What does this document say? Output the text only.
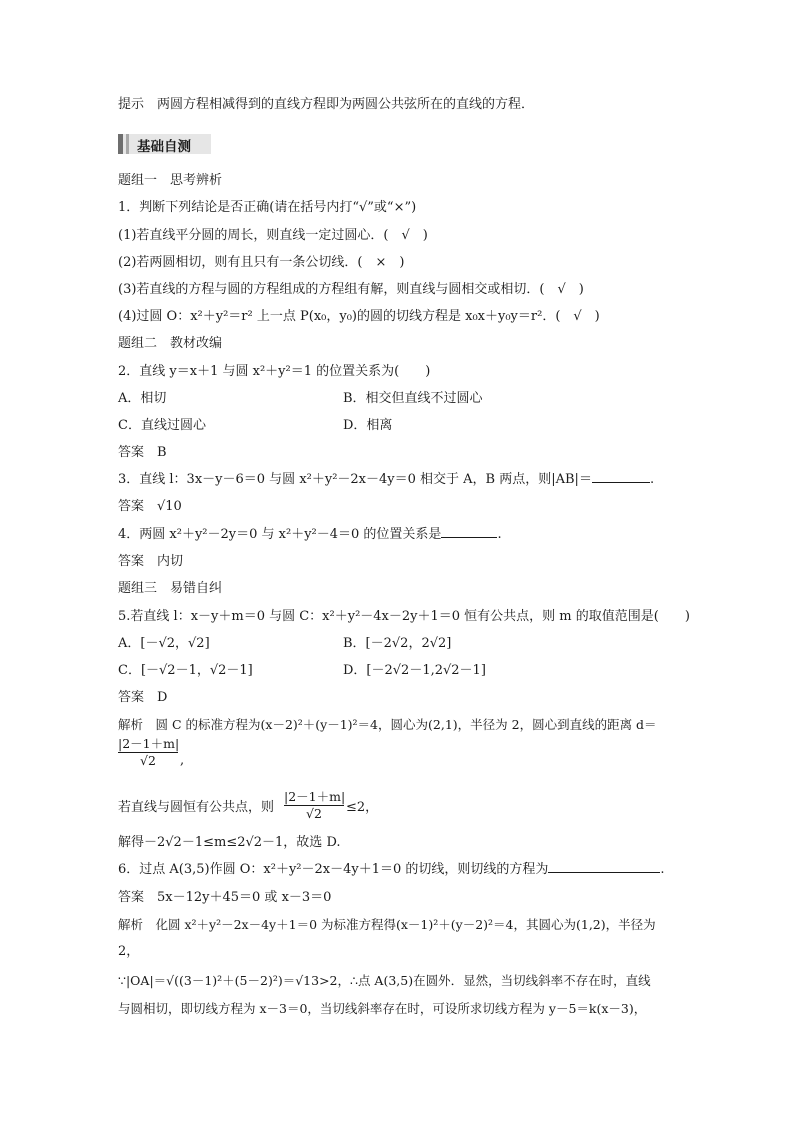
提示　两圆方程相减得到的直线方程即为两圆公共弦所在的直线的方程．
基础自测
题组一　思考辨析
1．判断下列结论是否正确(请在括号内打“√”或“×”)
(1)若直线平分圆的周长，则直线一定过圆心．(　√　)
(2)若两圆相切，则有且只有一条公切线．(　×　)
(3)若直线的方程与圆的方程组成的方程组有解，则直线与圆相交或相切．(　√　)
(4)过圆 O：x²＋y²＝r² 上一点 P(x₀，y₀)的圆的切线方程是 x₀x＋y₀y＝r²．(　√　)
题组二　教材改编
2．直线 y＝x＋1 与圆 x²＋y²＝1 的位置关系为(　　)
A．相切	B．相交但直线不过圆心
C．直线过圆心	D．相离
答案　B
3．直线 l：3x－y－6＝0 与圆 x²＋y²－2x－4y＝0 相交于 A，B 两点，则|AB|＝	.
答案　√10
4．两圆 x²＋y²－2y＝0 与 x²＋y²－4＝0 的位置关系是	.
答案　内切
题组三　易错自纠
5.若直线 l：x－y＋m＝0 与圆 C：x²＋y²－4x－2y＋1＝0 恒有公共点，则 m 的取值范围是(　　)
A．[－√2，√2]	B．[－2√2，2√2]
C．[－√2－1，√2－1]	D．[－2√2－1,2√2－1]
答案　D
解析　圆 C 的标准方程为(x－2)²＋(y－1)²＝4，圆心为(2,1)，半径为 2，圆心到直线的距离 d＝
|2－1＋m|
√2	,
若直线与圆恒有公共点，则
|2－1＋m|
√2	≤2，
解得－2√2－1≤m≤2√2－1，故选 D.
6．过点 A(3,5)作圆 O：x²＋y²－2x－4y＋1＝0 的切线，则切线的方程为	.
答案　5x－12y＋45＝0 或 x－3＝0
解析　化圆 x²＋y²－2x－4y＋1＝0 为标准方程得(x－1)²＋(y－2)²＝4，其圆心为(1,2)，半径为
2，
∵|OA|＝√((3－1)²＋(5－2)²)＝√13>2，∴点 A(3,5)在圆外．显然，当切线斜率不存在时，直线
与圆相切，即切线方程为 x－3＝0，当切线斜率存在时，可设所求切线方程为 y－5＝k(x－3)，
